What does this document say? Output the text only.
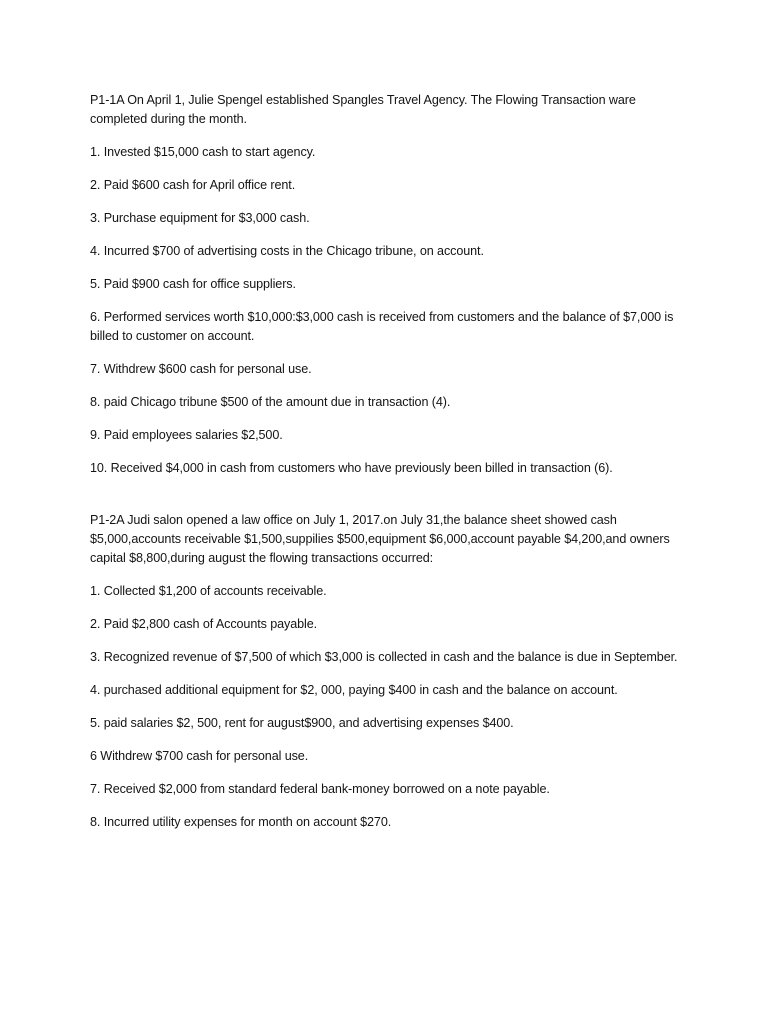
P1-1A On April 1, Julie Spengel established Spangles Travel Agency. The Flowing Transaction ware completed during the month.

1. Invested $15,000 cash to start agency.

2. Paid $600 cash for April office rent.

3. Purchase equipment for $3,000 cash.

4. Incurred $700 of advertising costs in the Chicago tribune, on account.

5. Paid $900 cash for office suppliers.

6. Performed services worth $10,000:$3,000 cash is received from customers and the balance of $7,000 is billed to customer on account.

7. Withdrew $600 cash for personal use.

8. paid Chicago tribune $500 of the amount due in transaction (4).

9. Paid employees salaries $2,500.

10. Received $4,000 in cash from customers who have previously been billed in transaction (6).

P1-2A Judi salon opened a law office on July 1, 2017.on July 31,the balance sheet showed cash $5,000,accounts receivable $1,500,suppilies $500,equipment $6,000,account payable $4,200,and owners capital $8,800,during august the flowing transactions occurred:

1. Collected $1,200 of accounts receivable.

2. Paid $2,800 cash of Accounts payable.

3. Recognized revenue of $7,500 of which $3,000 is collected in cash and the balance is due in September.

4. purchased additional equipment for $2, 000, paying $400 in cash and the balance on account.

5. paid salaries $2, 500, rent for august$900, and advertising expenses $400.

6 Withdrew $700 cash for personal use.

7. Received $2,000 from standard federal bank-money borrowed on a note payable.

8. Incurred utility expenses for month on account $270.
